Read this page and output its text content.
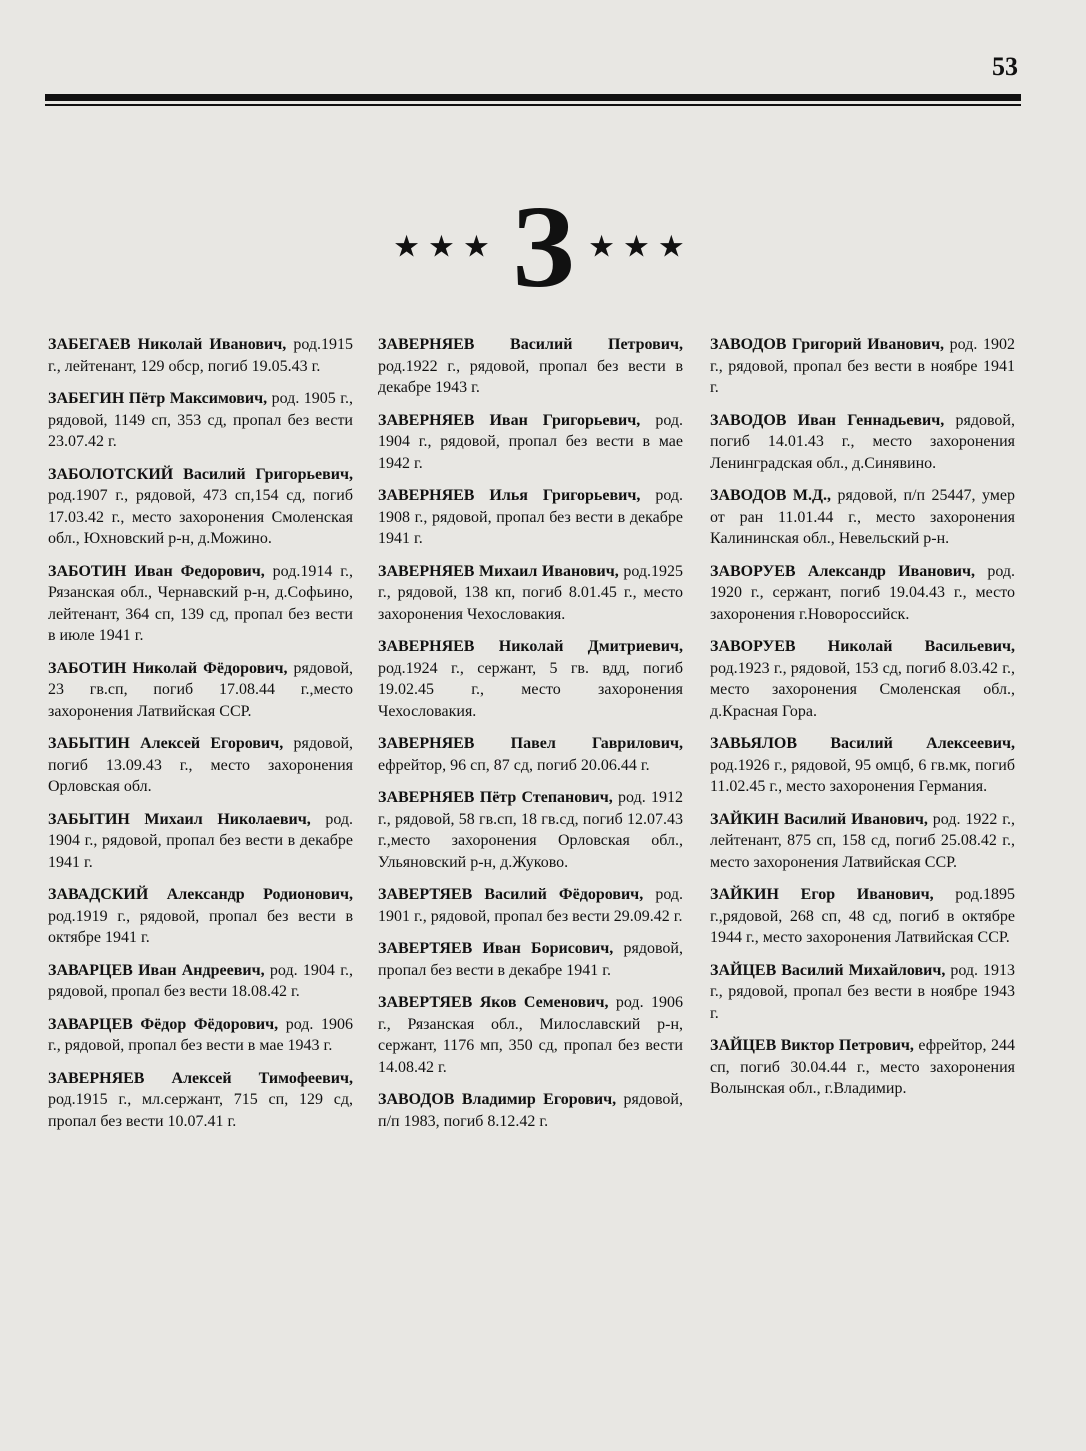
53
★★★ З ★★★

ЗАБЕГАЕВ Николай Иванович, род.1915 г., лейтенант, 129 обср, погиб 19.05.43 г.

ЗАБЕГИН Пётр Максимович, род. 1905 г., рядовой, 1149 сп, 353 сд, пропал без вести 23.07.42 г.

ЗАБОЛОТСКИЙ Василий Григорьевич, род.1907 г., рядовой, 473 сп,154 сд, погиб 17.03.42 г., место захоронения Смоленская обл., Юхновский р-н, д.Можино.

ЗАБОТИН Иван Федорович, род.1914 г., Рязанская обл., Чернавский р-н, д.Софьино, лейтенант, 364 сп, 139 сд, пропал без вести в июле 1941 г.

ЗАБОТИН Николай Фёдорович, рядовой, 23 гв.сп, погиб 17.08.44 г.,место захоронения Латвийская ССР.

ЗАБЫТИН Алексей Егорович, рядовой, погиб 13.09.43 г., место захоронения Орловская обл.

ЗАБЫТИН Михаил Николаевич, род. 1904 г., рядовой, пропал без вести в декабре 1941 г.

ЗАВАДСКИЙ Александр Родионович, род.1919 г., рядовой, пропал без вести в октябре 1941 г.

ЗАВАРЦЕВ Иван Андреевич, род. 1904 г., рядовой, пропал без вести 18.08.42 г.

ЗАВАРЦЕВ Фёдор Фёдорович, род. 1906 г., рядовой, пропал без вести в мае 1943 г.

ЗАВЕРНЯЕВ Алексей Тимофеевич, род.1915 г., мл.сержант, 715 сп, 129 сд, пропал без вести 10.07.41 г.

ЗАВЕРНЯЕВ Василий Петрович, род.1922 г., рядовой, пропал без вести в декабре 1943 г.

ЗАВЕРНЯЕВ Иван Григорьевич, род. 1904 г., рядовой, пропал без вести в мае 1942 г.

ЗАВЕРНЯЕВ Илья Григорьевич, род. 1908 г., рядовой, пропал без вести в декабре 1941 г.

ЗАВЕРНЯЕВ Михаил Иванович, род.1925 г., рядовой, 138 кп, погиб 8.01.45 г., место захоронения Чехословакия.

ЗАВЕРНЯЕВ Николай Дмитриевич, род.1924 г., сержант, 5 гв. вдд, погиб 19.02.45 г., место захоронения Чехословакия.

ЗАВЕРНЯЕВ Павел Гаврилович, ефрейтор, 96 сп, 87 сд, погиб 20.06.44 г.

ЗАВЕРНЯЕВ Пётр Степанович, род. 1912 г., рядовой, 58 гв.сп, 18 гв.сд, погиб 12.07.43 г.,место захоронения Орловская обл., Ульяновский р-н, д.Жуково.

ЗАВЕРТЯЕВ Василий Фёдорович, род. 1901 г., рядовой, пропал без вести 29.09.42 г.

ЗАВЕРТЯЕВ Иван Борисович, рядовой, пропал без вести в декабре 1941 г.

ЗАВЕРТЯЕВ Яков Семенович, род. 1906 г., Рязанская обл., Милославский р-н, сержант, 1176 мп, 350 сд, пропал без вести 14.08.42 г.

ЗАВОДОВ Владимир Егорович, рядовой, п/п 1983, погиб 8.12.42 г.

ЗАВОДОВ Григорий Иванович, род. 1902 г., рядовой, пропал без вести в ноябре 1941 г.

ЗАВОДОВ Иван Геннадьевич, рядовой, погиб 14.01.43 г., место захоронения Ленинградская обл., д.Синявино.

ЗАВОДОВ М.Д., рядовой, п/п 25447, умер от ран 11.01.44 г., место захоронения Калининская обл., Невельский р-н.

ЗАВОРУЕВ Александр Иванович, род. 1920 г., сержант, погиб 19.04.43 г., место захоронения г.Новороссийск.

ЗАВОРУЕВ Николай Васильевич, род.1923 г., рядовой, 153 сд, погиб 8.03.42 г., место захоронения Смоленская обл., д.Красная Гора.

ЗАВЬЯЛОВ Василий Алексеевич, род.1926 г., рядовой, 95 омцб, 6 гв.мк, погиб 11.02.45 г., место захоронения Германия.

ЗАЙКИН Василий Иванович, род. 1922 г., лейтенант, 875 сп, 158 сд, погиб 25.08.42 г., место захоронения Латвийская ССР.

ЗАЙКИН Егор Иванович, род.1895 г.,рядовой, 268 сп, 48 сд, погиб в октябре 1944 г., место захоронения Латвийская ССР.

ЗАЙЦЕВ Василий Михайлович, род. 1913 г., рядовой, пропал без вести в ноябре 1943 г.

ЗАЙЦЕВ Виктор Петрович, ефрейтор, 244 сп, погиб 30.04.44 г., место захоронения Волынская обл., г.Владимир.
